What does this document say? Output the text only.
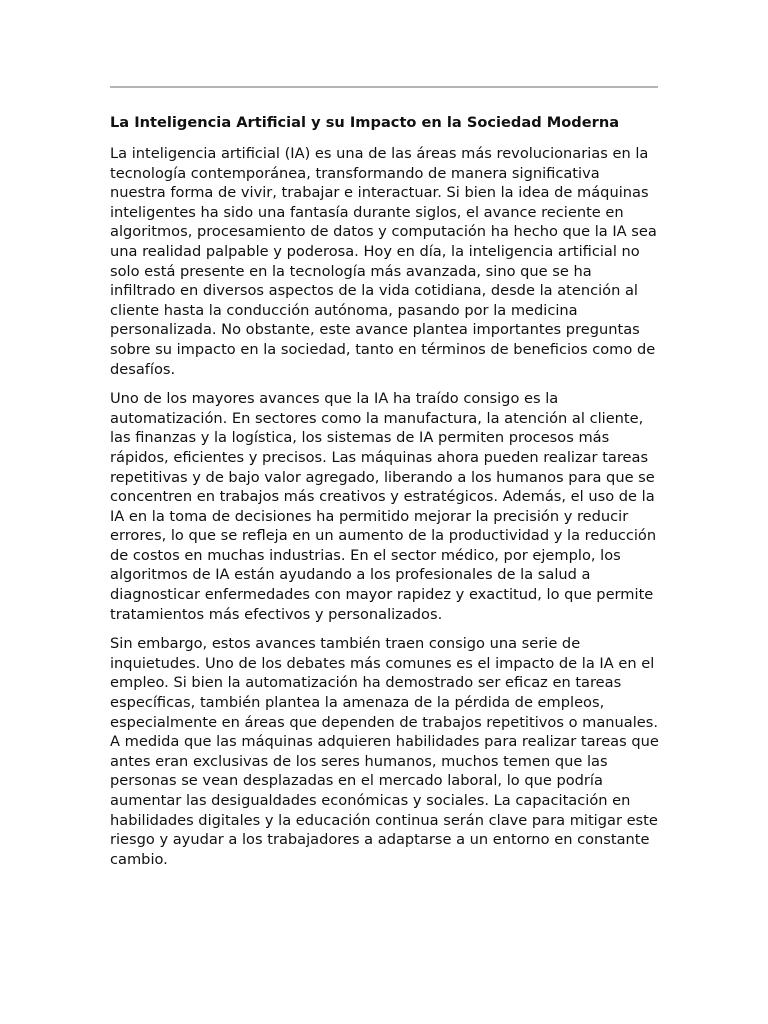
La Inteligencia Artificial y su Impacto en la Sociedad Moderna

La inteligencia artificial (IA) es una de las áreas más revolucionarias en la tecnología contemporánea, transformando de manera significativa nuestra forma de vivir, trabajar e interactuar. Si bien la idea de máquinas inteligentes ha sido una fantasía durante siglos, el avance reciente en algoritmos, procesamiento de datos y computación ha hecho que la IA sea una realidad palpable y poderosa. Hoy en día, la inteligencia artificial no solo está presente en la tecnología más avanzada, sino que se ha infiltrado en diversos aspectos de la vida cotidiana, desde la atención al cliente hasta la conducción autónoma, pasando por la medicina personalizada. No obstante, este avance plantea importantes preguntas sobre su impacto en la sociedad, tanto en términos de beneficios como de desafíos.

Uno de los mayores avances que la IA ha traído consigo es la automatización. En sectores como la manufactura, la atención al cliente, las finanzas y la logística, los sistemas de IA permiten procesos más rápidos, eficientes y precisos. Las máquinas ahora pueden realizar tareas repetitivas y de bajo valor agregado, liberando a los humanos para que se concentren en trabajos más creativos y estratégicos. Además, el uso de la IA en la toma de decisiones ha permitido mejorar la precisión y reducir errores, lo que se refleja en un aumento de la productividad y la reducción de costos en muchas industrias. En el sector médico, por ejemplo, los algoritmos de IA están ayudando a los profesionales de la salud a diagnosticar enfermedades con mayor rapidez y exactitud, lo que permite tratamientos más efectivos y personalizados.

Sin embargo, estos avances también traen consigo una serie de inquietudes. Uno de los debates más comunes es el impacto de la IA en el empleo. Si bien la automatización ha demostrado ser eficaz en tareas específicas, también plantea la amenaza de la pérdida de empleos, especialmente en áreas que dependen de trabajos repetitivos o manuales. A medida que las máquinas adquieren habilidades para realizar tareas que antes eran exclusivas de los seres humanos, muchos temen que las personas se vean desplazadas en el mercado laboral, lo que podría aumentar las desigualdades económicas y sociales. La capacitación en habilidades digitales y la educación continua serán clave para mitigar este riesgo y ayudar a los trabajadores a adaptarse a un entorno en constante cambio.
